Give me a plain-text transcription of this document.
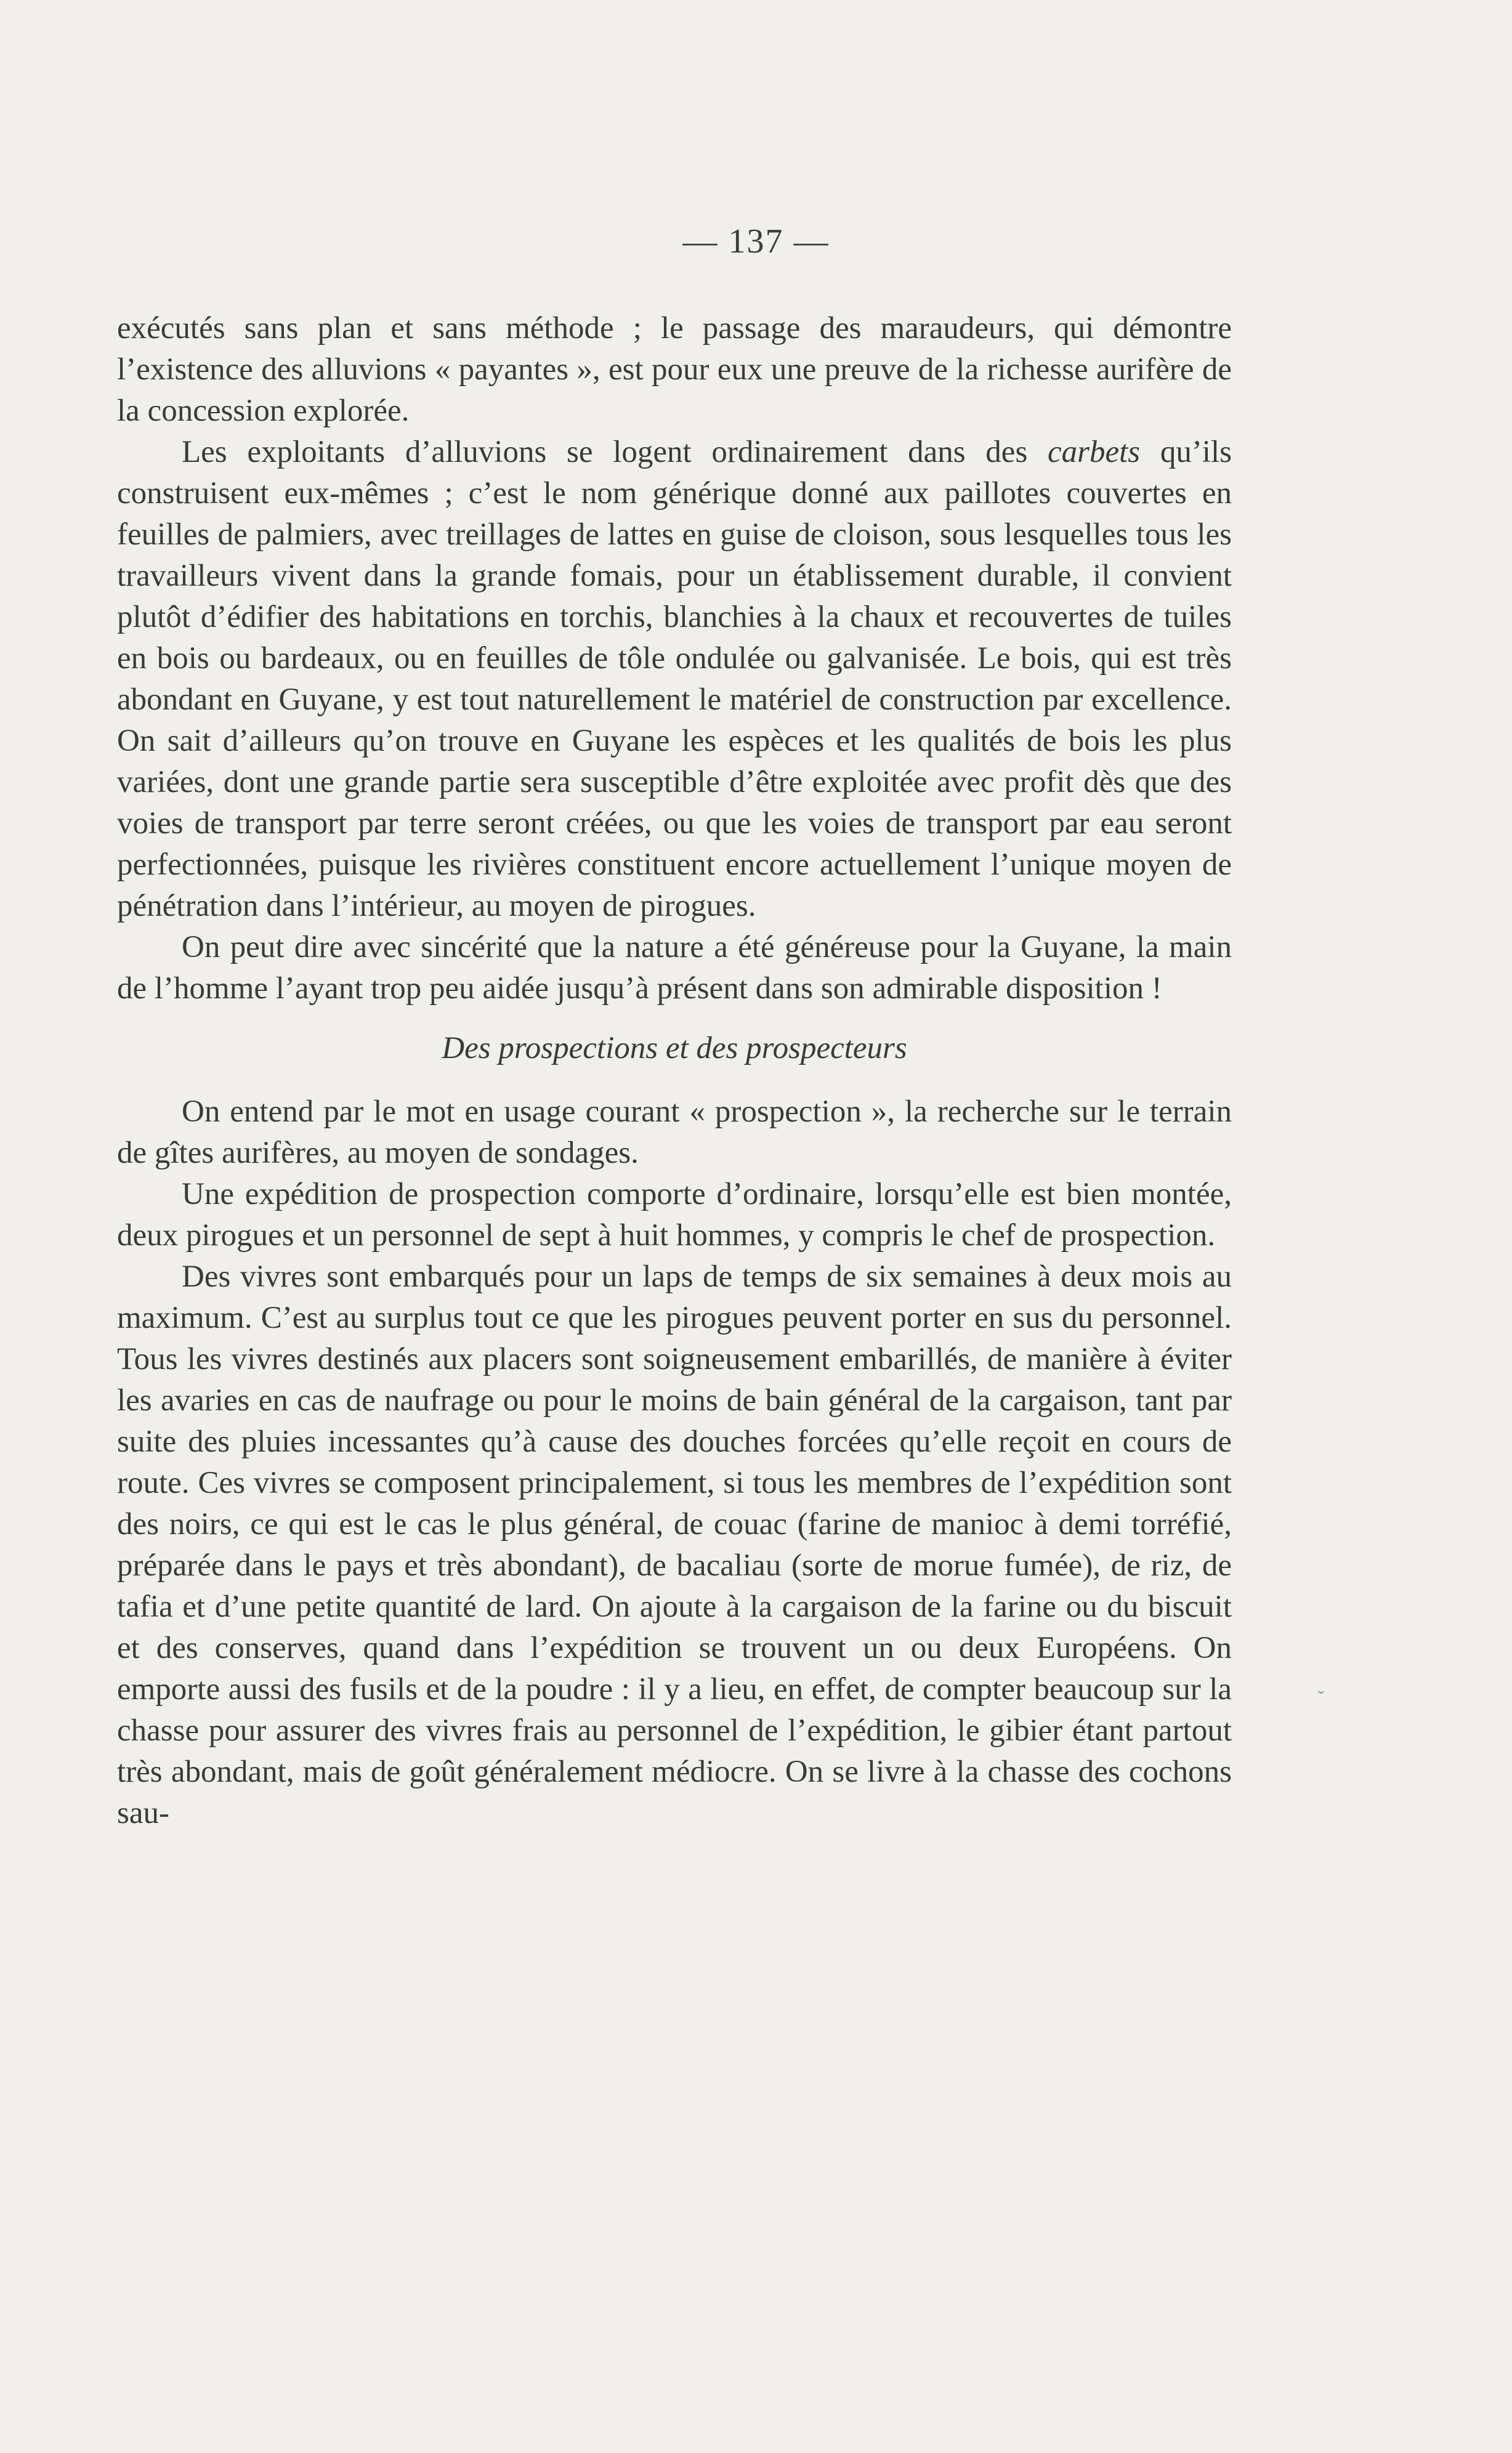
— 137 —

exécutés sans plan et sans méthode ; le passage des maraudeurs, qui démontre l’existence des alluvions « payantes », est pour eux une preuve de la richesse aurifère de la concession explorée.

Les exploitants d’alluvions se logent ordinairement dans des carbets qu’ils construisent eux-mêmes ; c’est le nom générique donné aux paillotes couvertes en feuilles de palmiers, avec treillages de lattes en guise de cloison, sous lesquelles tous les travailleurs vivent dans la grande fomais, pour un établissement durable, il convient plutôt d’édifier des habitations en torchis, blanchies à la chaux et recouvertes de tuiles en bois ou bardeaux, ou en feuilles de tôle ondulée ou galvanisée. Le bois, qui est très abondant en Guyane, y est tout naturellement le matériel de construction par excellence. On sait d’ailleurs qu’on trouve en Guyane les espèces et les qualités de bois les plus variées, dont une grande partie sera susceptible d’être exploitée avec profit dès que des voies de transport par terre seront créées, ou que les voies de transport par eau seront perfectionnées, puisque les rivières constituent encore actuellement l’unique moyen de pénétration dans l’intérieur, au moyen de pirogues.

On peut dire avec sincérité que la nature a été généreuse pour la Guyane, la main de l’homme l’ayant trop peu aidée jusqu’à présent dans son admirable disposition !

Des prospections et des prospecteurs

On entend par le mot en usage courant « prospection », la recherche sur le terrain de gîtes aurifères, au moyen de sondages.

Une expédition de prospection comporte d’ordinaire, lorsqu’elle est bien montée, deux pirogues et un personnel de sept à huit hommes, y compris le chef de prospection.

Des vivres sont embarqués pour un laps de temps de six semaines à deux mois au maximum. C’est au surplus tout ce que les pirogues peuvent porter en sus du personnel. Tous les vivres destinés aux placers sont soigneusement embarillés, de manière à éviter les avaries en cas de naufrage ou pour le moins de bain général de la cargaison, tant par suite des pluies incessantes qu’à cause des douches forcées qu’elle reçoit en cours de route. Ces vivres se composent principalement, si tous les membres de l’expédition sont des noirs, ce qui est le cas le plus général, de couac (farine de manioc à demi torréfié, préparée dans le pays et très abondant), de bacaliau (sorte de morue fumée), de riz, de tafia et d’une petite quantité de lard. On ajoute à la cargaison de la farine ou du biscuit et des conserves, quand dans l’expédition se trouvent un ou deux Européens. On emporte aussi des fusils et de la poudre : il y a lieu, en effet, de compter beaucoup sur la chasse pour assurer des vivres frais au personnel de l’expédition, le gibier étant partout très abondant, mais de goût généralement médiocre. On se livre à la chasse des cochons sau-

ˇ
